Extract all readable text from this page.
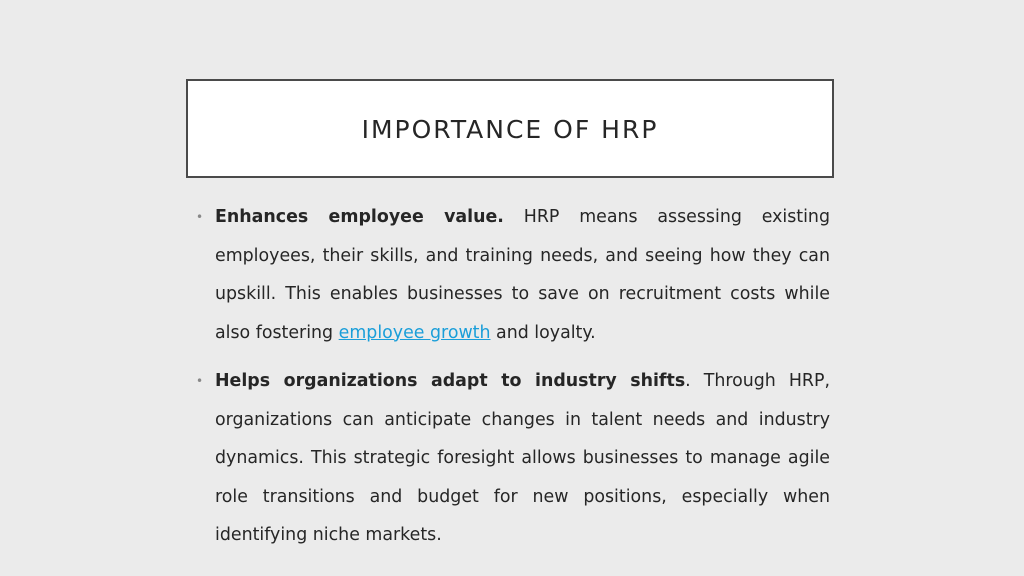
IMPORTANCE OF HRP
• Enhances employee value. HRP means assessing existing employees, their skills, and training needs, and seeing how they can upskill. This enables businesses to save on recruitment costs while also fostering employee growth and loyalty.
• Helps organizations adapt to industry shifts. Through HRP, organizations can anticipate changes in talent needs and industry dynamics. This strategic foresight allows businesses to manage agile role transitions and budget for new positions, especially when identifying niche markets.
